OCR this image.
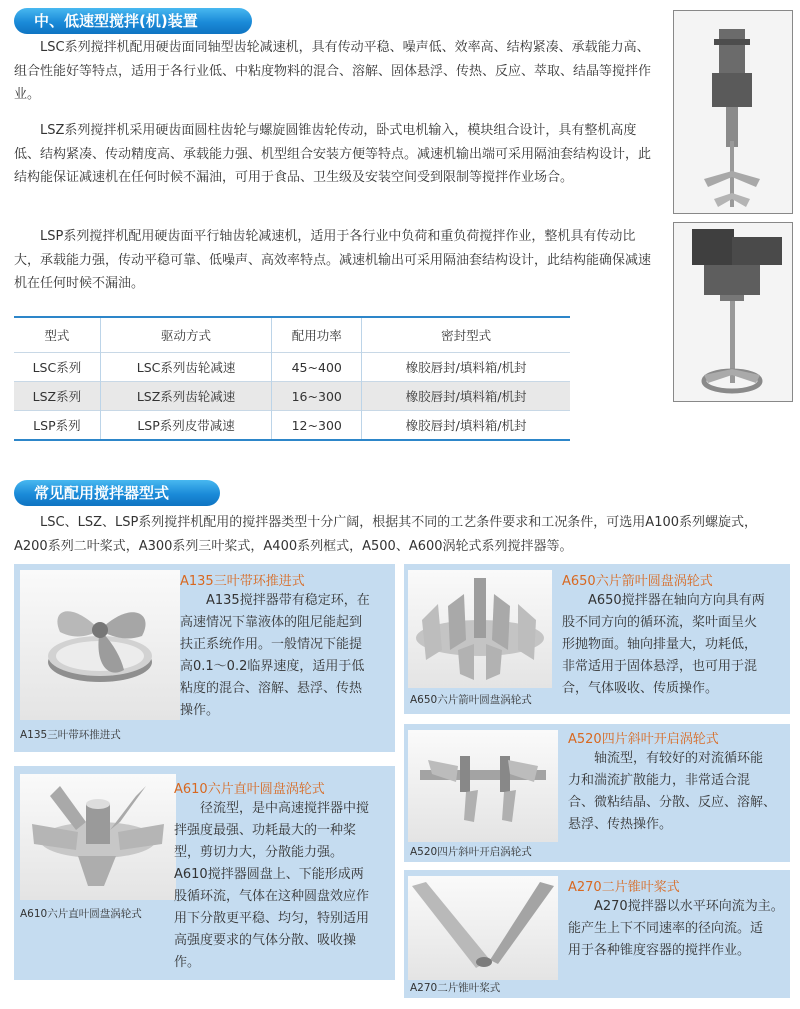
中、低速型搅拌(机)装置

LSC系列搅拌机配用硬齿面同轴型齿轮减速机，具有传动平稳、噪声低、效率高、结构紧凑、承载能力高、组合性能好等特点，适用于各行业低、中粘度物料的混合、溶解、固体悬浮、传热、反应、萃取、结晶等搅拌作业。

LSZ系列搅拌机采用硬齿面圆柱齿轮与螺旋圆锥齿轮传动，卧式电机输入，模块组合设计，具有整机高度低、结构紧凑、传动精度高、承载能力强、机型组合安装方便等特点。减速机输出端可采用隔油套结构设计，此结构能保证减速机在任何时候不漏油，可用于食品、卫生级及安装空间受到限制等搅拌作业场合。

LSP系列搅拌机配用硬齿面平行轴齿轮减速机，适用于各行业中负荷和重负荷搅拌作业，整机具有传动比大，承载能力强，传动平稳可靠、低噪声、高效率特点。减速机输出可采用隔油套结构设计，此结构能确保减速机在任何时候不漏油。

型式	驱动方式	配用功率	密封型式
LSC系列	LSC系列齿轮减速	45~400	橡胶唇封/填料箱/机封
LSZ系列	LSZ系列齿轮减速	16~300	橡胶唇封/填料箱/机封
LSP系列	LSP系列皮带减速	12~300	橡胶唇封/填料箱/机封
常见配用搅拌器型式

LSC、LSZ、LSP系列搅拌机配用的搅拌器类型十分广阔，根据其不同的工艺条件要求和工况条件，可选用A100系列螺旋式，A200系列二叶桨式，A300系列三叶桨式，A400系列框式，A500、A600涡轮式系列搅拌器等。

A135三叶带环推进式
A135三叶带环推进式

A135搅拌器带有稳定环，在

高速情况下靠液体的阻尼能起到

扶正系统作用。一般情况下能提

高0.1～0.2临界速度，适用于低

粘度的混合、溶解、悬浮、传热

操作。

A650六片箭叶圆盘涡轮式
A650六片箭叶圆盘涡轮式

A650搅拌器在轴向方向具有两

股不同方向的循环流，桨叶面呈火

形抛物面。轴向排量大，功耗低，

非常适用于固体悬浮，也可用于混

合，气体吸收、传质操作。

A520四片斜叶开启涡轮式
A520四片斜叶开启涡轮式

轴流型，有较好的对流循环能

力和湍流扩散能力，非常适合混

合、微粘结晶、分散、反应、溶解、

悬浮、传热操作。

A610六片直叶圆盘涡轮式
A610六片直叶圆盘涡轮式

径流型，是中高速搅拌器中搅

拌强度最强、功耗最大的一种桨

型，剪切力大，分散能力强。

A610搅拌器圆盘上、下能形成两

股循环流，气体在这种圆盘效应作

用下分散更平稳、均匀，特别适用

高强度要求的气体分散、吸收操

作。

A270二片锥叶桨式
A270二片锥叶桨式

A270搅拌器以水平环向流为主。

能产生上下不同速率的径向流。适

用于各种锥度容器的搅拌作业。
